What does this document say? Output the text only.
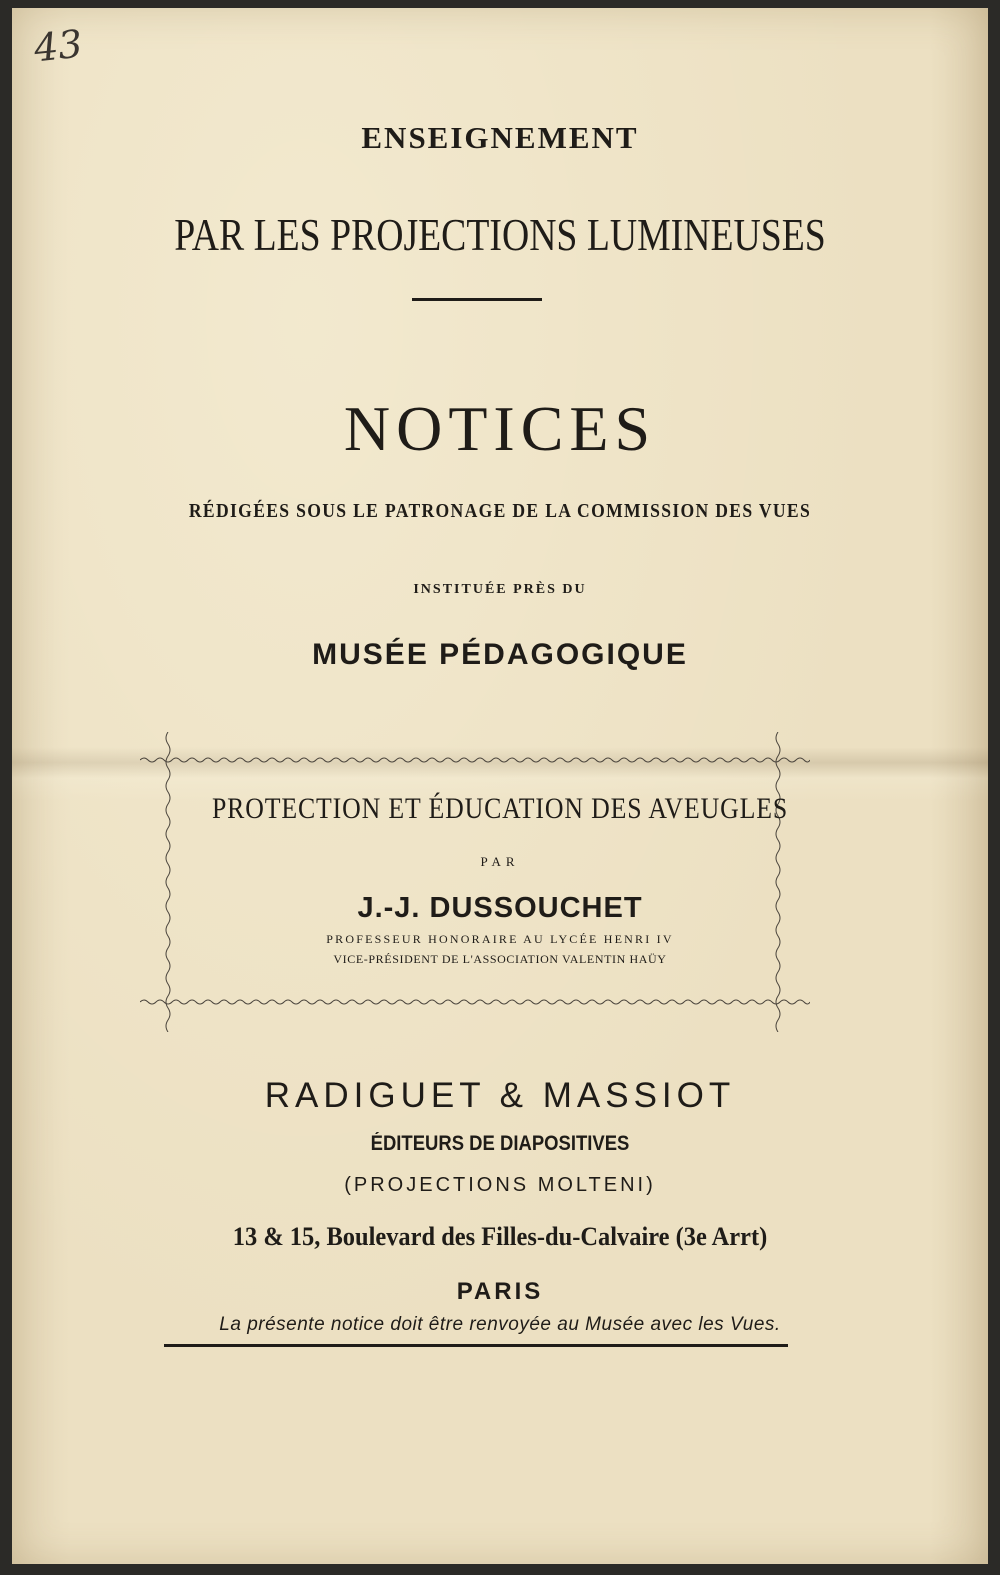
43
ENSEIGNEMENT
PAR LES PROJECTIONS LUMINEUSES
NOTICES
RÉDIGÉES SOUS LE PATRONAGE DE LA COMMISSION DES VUES
INSTITUÉE PRÈS DU
MUSÉE PÉDAGOGIQUE
PROTECTION ET ÉDUCATION DES AVEUGLES
PAR
J.-J. DUSSOUCHET
PROFESSEUR HONORAIRE AU LYCÉE HENRI IV
VICE-PRÉSIDENT DE L'ASSOCIATION VALENTIN HAÜY
RADIGUET & MASSIOT
ÉDITEURS DE DIAPOSITIVES
(PROJECTIONS MOLTENI)
13 & 15, Boulevard des Filles-du-Calvaire (3e Arrt)
PARIS
La présente notice doit être renvoyée au Musée avec les Vues.
